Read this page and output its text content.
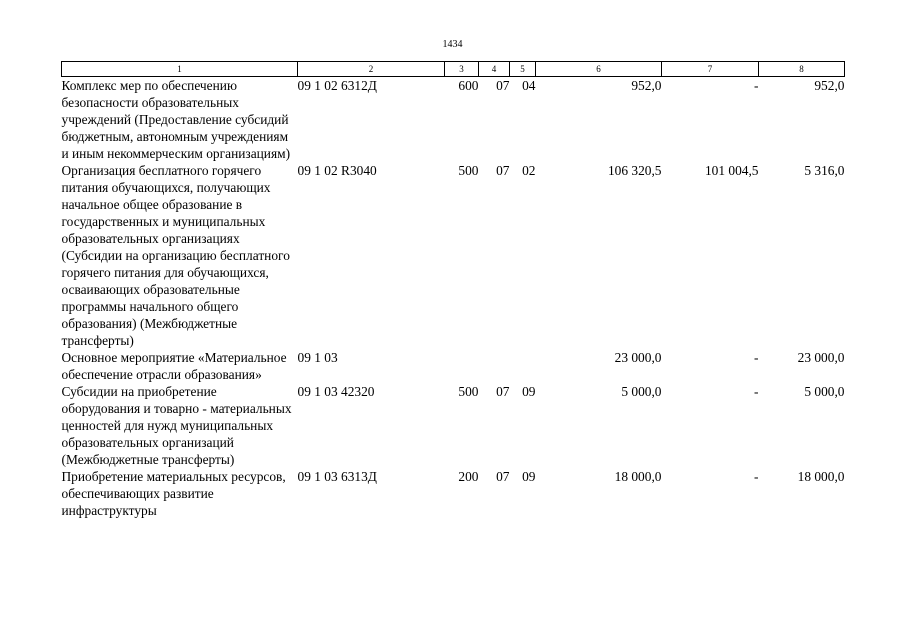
1434
1	2	3	4	5	6	7	8
Комплекс мер по обеспечению безопасности образовательных учреждений (Предоставление субсидий бюджетным, автономным учреждениям и иным некоммерческим организациям)	09 1 02 6312Д	600	07	04	952,0	-	952,0
Организация бесплатного горячего питания обучающихся, получающих начальное общее образование в государственных и муниципальных образовательных организациях (Субсидии на организацию бесплатного горячего питания для обучающихся, осваивающих образовательные программы начального общего образования) (Межбюджетные трансферты)	09 1 02 R3040	500	07	02	106 320,5	101 004,5	5 316,0
Основное мероприятие «Материальное обеспечение отрасли образования»	09 1 03				23 000,0	-	23 000,0
Субсидии на приобретение оборудования и товарно - материальных ценностей для нужд муниципальных образовательных организаций (Межбюджетные трансферты)	09 1 03 42320	500	07	09	5 000,0	-	5 000,0
Приобретение материальных ресурсов, обеспечивающих развитие инфраструктуры	09 1 03 6313Д	200	07	09	18 000,0	-	18 000,0
